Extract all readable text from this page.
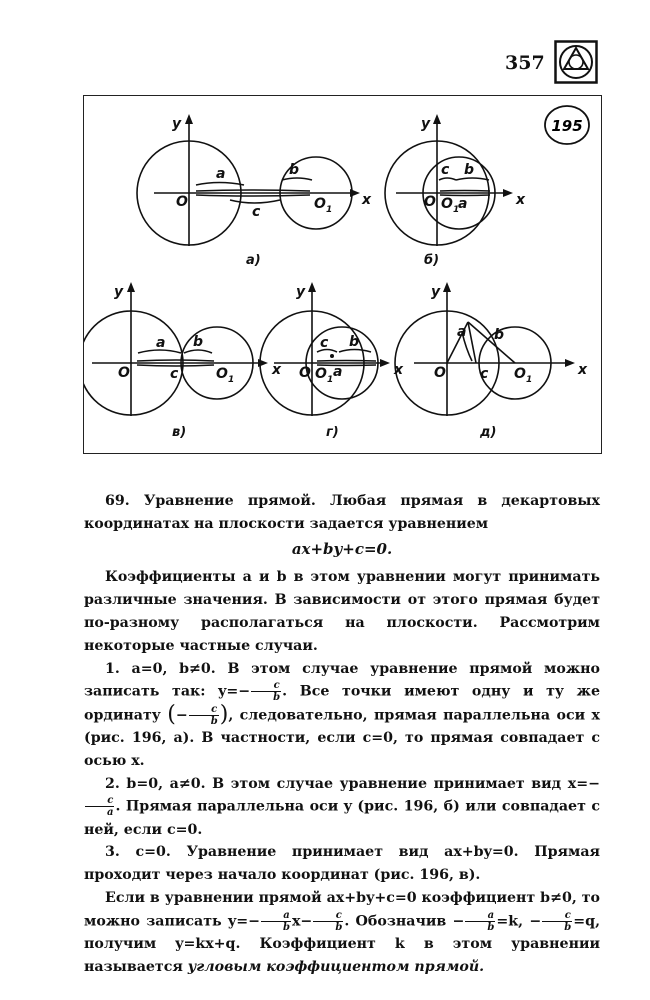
357
195
y
x
O	O 1
a	b
c
а)
y
x
O O 1
a
c b
б)
y
x
O	O 1
a b
c
в)
y
x
O O 1 a
c b
г)
y
x
O	O 1
a b
c
д)

69. Уравнение прямой. Любая прямая в декартовых координатах на плоскости задается уравнением

ax+by+c=0.

Коэффициенты a и b в этом уравнении могут принимать различные значения. В зависимости от этого прямая будет по-разному располагаться на плоскости. Рассмотрим некоторые частные случаи.

1. a=0, b≠0. В этом случае уравнение прямой можно записать так: $y=- \frac{c}{b}$ . Все точки имеют одну и ту же ординату (− $\frac{c}{b}$ ), следовательно, прямая параллельна оси x (рис. 196, а). В частности, если c=0, то прямая совпадает с осью x.

2. b=0, a≠0. В этом случае уравнение принимает вид x=−
$\frac{c}{a}$ . Прямая параллельна оси y (рис. 196, б) или совпадает с ней, если c=0.

3. c=0. Уравнение принимает вид ax+by=0. Прямая проходит через начало координат (рис. 196, в).

Если в уравнении прямой ax+by+c=0 коэффициент b≠0, то можно записать $y=- \frac{a}{b} x- \frac{c}{b}$ . Обозначив − $\frac{a}{b} =k$, − $\frac{c}{b} =q$, получим y=kx+q. Коэффициент k в этом уравнении называется угловым коэффициентом прямой.
